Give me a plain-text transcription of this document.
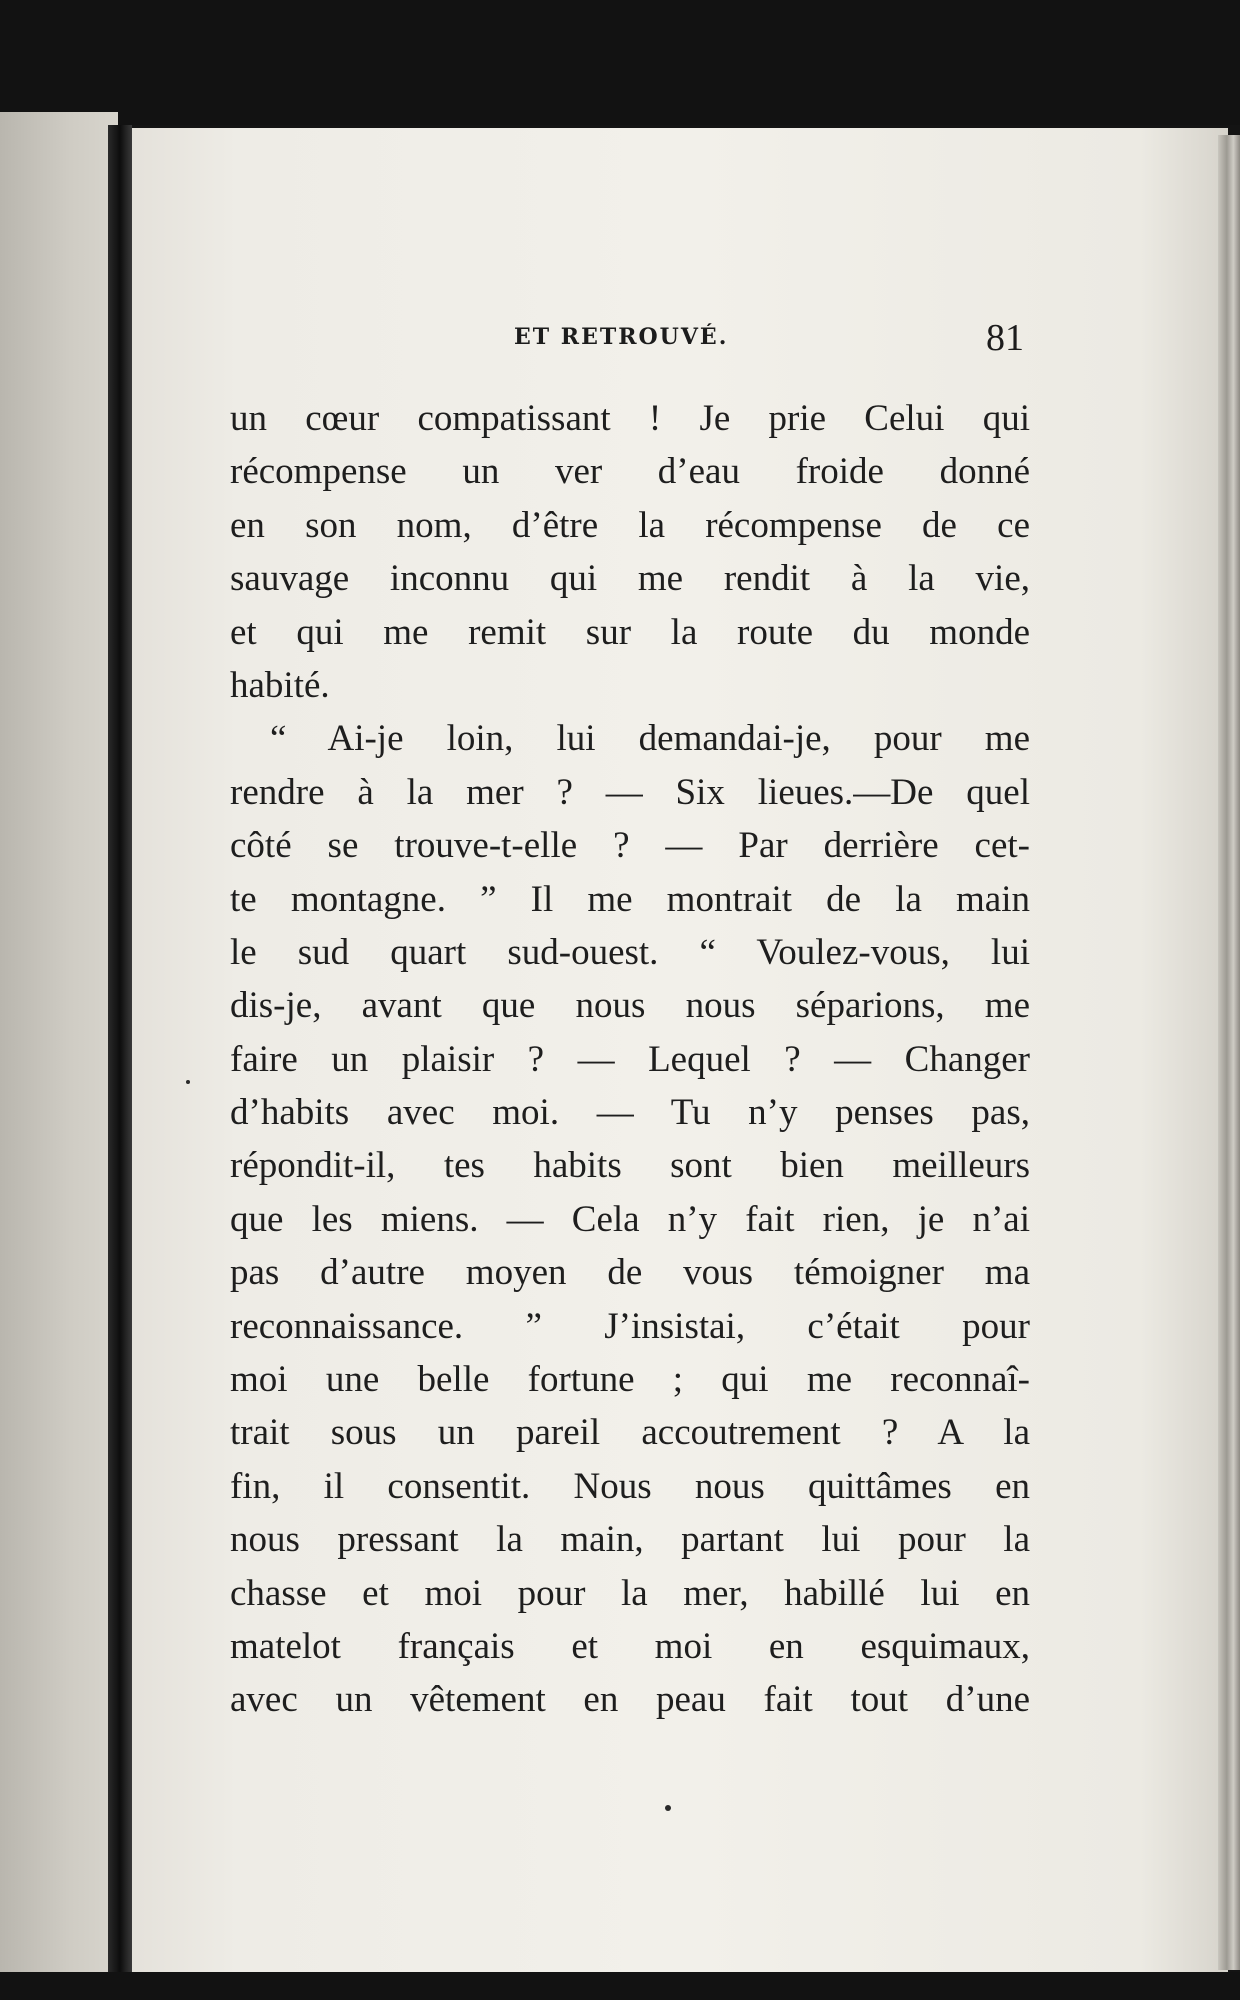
ET RETROUVÉ.	81
un cœur compatissant ! Je prie Celui qui
récompense un ver d’eau froide donné
en son nom, d’être la récompense de ce
sauvage inconnu qui me rendit à la vie,
et qui me remit sur la route du monde
habité.
“ Ai-je loin, lui demandai-je, pour me
rendre à la mer ? — Six lieues.—De quel
côté se trouve-t-elle ? — Par derrière cet-
te montagne. ” Il me montrait de la main
le sud quart sud-ouest. “ Voulez-vous, lui
dis-je, avant que nous nous séparions, me
faire un plaisir ? — Lequel ? — Changer
d’habits avec moi. — Tu n’y penses pas,
répondit-il, tes habits sont bien meilleurs
que les miens. — Cela n’y fait rien, je n’ai
pas d’autre moyen de vous témoigner ma
reconnaissance. ” J’insistai, c’était pour
moi une belle fortune ; qui me reconnaî-
trait sous un pareil accoutrement ? A la
fin, il consentit. Nous nous quittâmes en
nous pressant la main, partant lui pour la
chasse et moi pour la mer, habillé lui en
matelot français et moi en esquimaux,
avec un vêtement en peau fait tout d’une
